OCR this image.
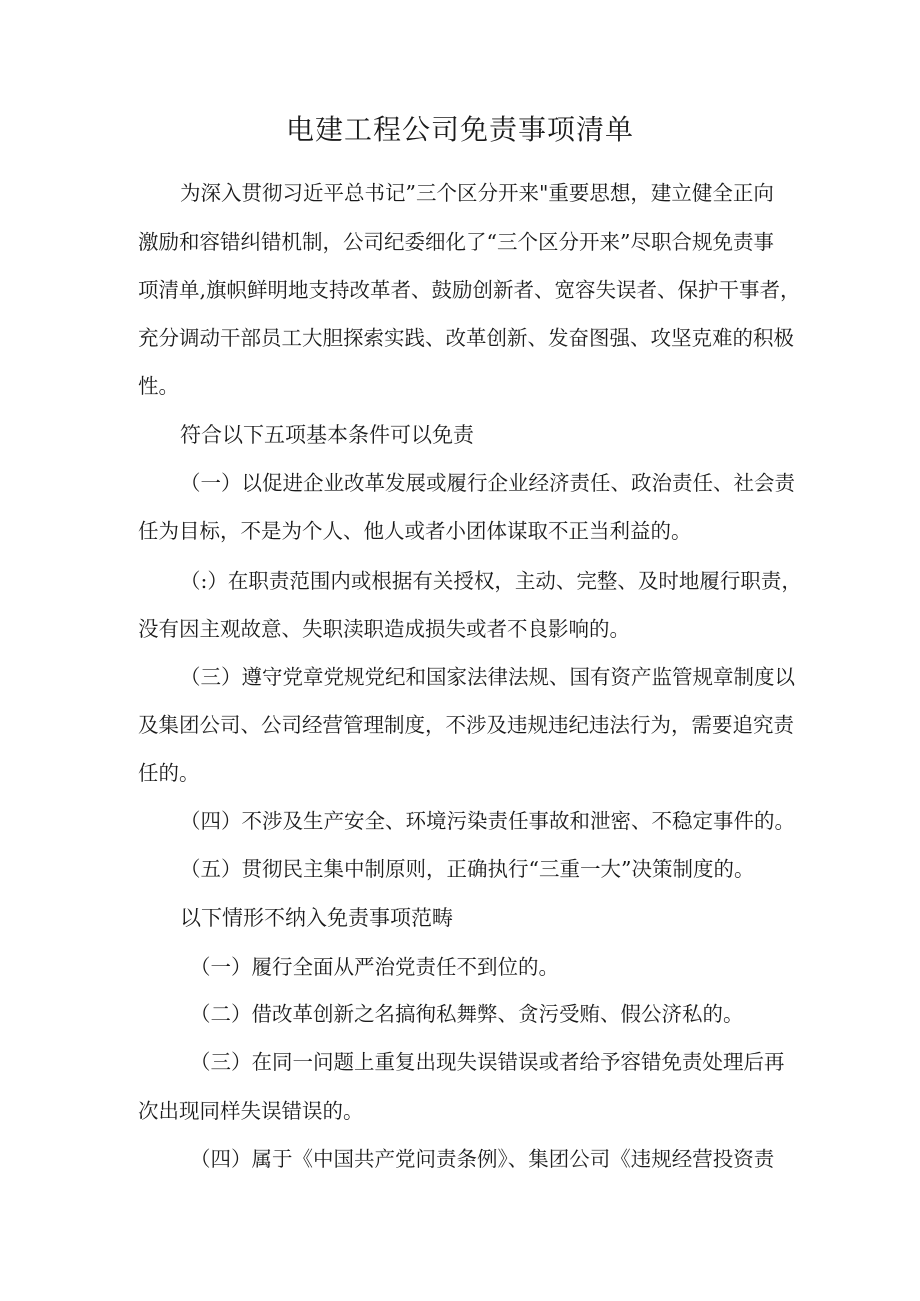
电建工程公司免责事项清单

为深入贯彻习近平总书记”三个区分开来"重要思想，建立健全正向

激励和容错纠错机制，公司纪委细化了“三个区分开来”尽职合规免责事

项清单,旗帜鲜明地支持改革者、鼓励创新者、宽容失误者、保护干事者，

充分调动干部员工大胆探索实践、改革创新、发奋图强、攻坚克难的积极

性。

符合以下五项基本条件可以免责

（一）以促进企业改革发展或履行企业经济责任、政治责任、社会责

任为目标，不是为个人、他人或者小团体谋取不正当利益的。

（:）在职责范围内或根据有关授权，主动、完整、及时地履行职责，

没有因主观故意、失职渎职造成损失或者不良影响的。

（三）遵守党章党规党纪和国家法律法规、国有资产监管规章制度以

及集团公司、公司经营管理制度，不涉及违规违纪违法行为，需要追究责

任的。

（四）不涉及生产安全、环境污染责任事故和泄密、不稳定事件的。

（五）贯彻民主集中制原则，正确执行“三重一大”决策制度的。

以下情形不纳入免责事项范畴

（一）履行全面从严治党责任不到位的。

（二）借改革创新之名搞徇私舞弊、贪污受贿、假公济私的。

（三）在同一问题上重复出现失误错误或者给予容错免责处理后再

次出现同样失误错误的。

（四）属于《中国共产党问责条例》、集团公司《违规经营投资责
